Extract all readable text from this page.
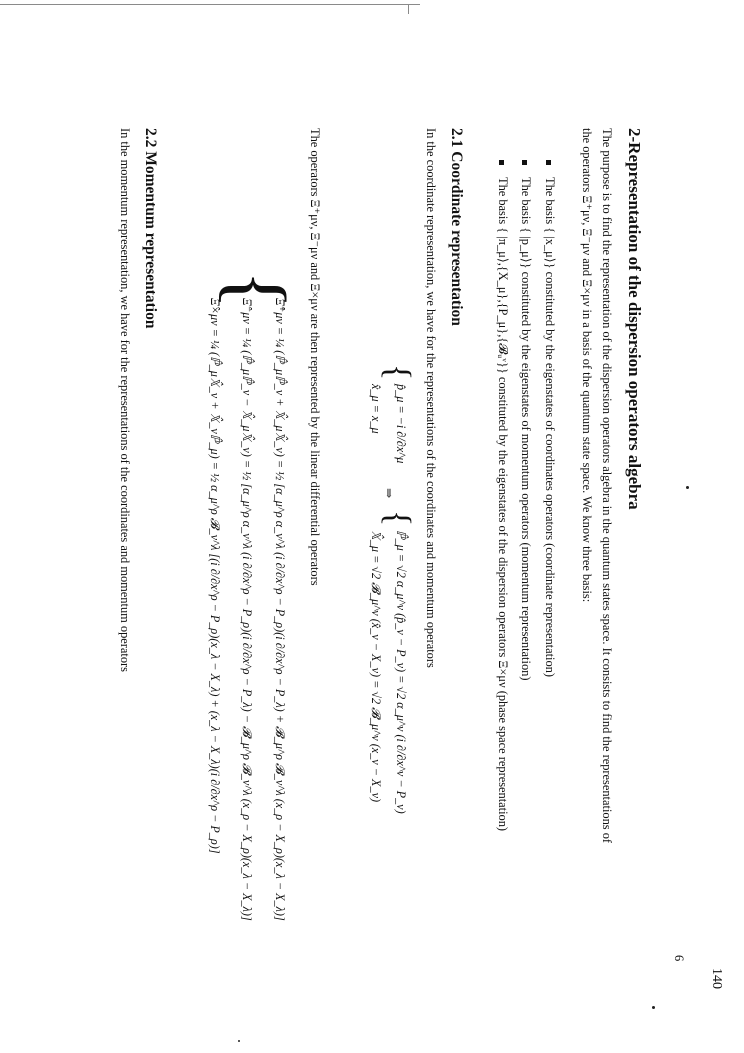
2-Representation of the dispersion operators algebra
The purpose is to find the representation of the dispersion operators algebra in the quantum states space. It consists to find the representations of
the operators Ξ⁺μν, Ξ⁻μν and Ξ×μν in a basis of the quantum state space. We know three basis:
The basis { |x_μ⟩} constituted by the eigenstates of coordinates operators (coordinate representation)
The basis { |p_μ⟩} constituted by the eigenstates of momentum operators (momentum representation)
The basis { |π_μ⟩,{X_μ},{P_μ},{𝓑ᵤᵛ}} constituted by the eigenstates of the dispersion operators Ξ×μν (phase space representation)
2.1 Coordinate representation
In the coordinate representation, we have for the representations of the coordinates and momentum operators
{
p̂_μ = −i ∂/∂x^μ
x̂_μ = x_μ
⇒
{
ℙ̂_μ = √2 α_μ^ν (p̂_ν − P_ν) = √2 α_μ^ν (i ∂/∂x^ν − P_ν)
𝕏̂_μ = √2 𝓑_μ^ν (x̂_ν − X_ν) = √2 𝓑_μ^ν (x_ν − X_ν)
The operators Ξ⁺μν, Ξ⁻μν and Ξ×μν are then represented by the linear differential operators
{
Ξ̂⁺μν = ¼ (ℙ̂_μℙ̂_ν + 𝕏̂_μ𝕏̂_ν) = ½ [α_μ^ρ α_ν^λ (i ∂/∂x^ρ − P_ρ)(i ∂/∂x^ρ − P_λ) + 𝓑_μ^ρ 𝓑_ν^λ (x_ρ − X_ρ)(x_λ − X_λ)]
Ξ̂⁻μν = ¼ (ℙ̂_μℙ̂_ν − 𝕏̂_μ𝕏̂_ν) = ½ [α_μ^ρ α_ν^λ (i ∂/∂x^ρ − P_ρ)(i ∂/∂x^ρ − P_λ) − 𝓑_μ^ρ 𝓑_ν^λ (x_ρ − X_ρ)(x_λ − X_λ)]
Ξ̂×μν = ¼ (ℙ̂_μ𝕏̂_ν + 𝕏̂_νℙ̂_μ) = ½ α_μ^ρ 𝓑_ν^λ [(i ∂/∂x^ρ − P_ρ)(x_λ − X_λ) + (x_λ − X_λ)(i ∂/∂x^ρ − P_ρ)]
2.2 Momentum representation
In the momentum representation, we have for the representations of the coordinates and momentum operators
6
140
